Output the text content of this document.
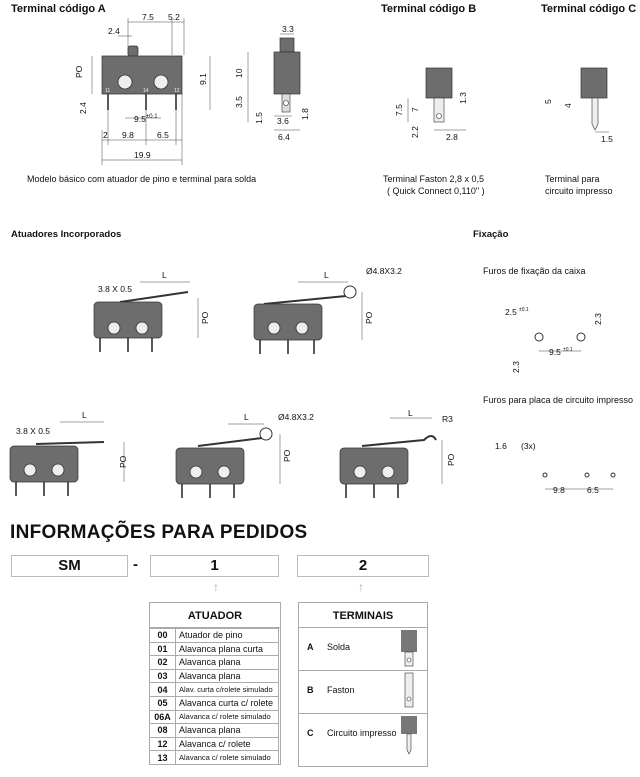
Terminal código A	Terminal código B	Terminal código C
7.5 5.2
2.4
11	14	12
PO
9.1
2.4
9.5 ±0.1
2 9.8	6.5
19.9
3.3
10
3.5
1.5 3.6
1.8
6.4
7.5 7
1.3
2.2	2.8
5
4
1.5
Modelo básico com atuador de pino e terminal para solda	Terminal Faston 2,8 x 0,5
( Quick Connect 0,110" )
Terminal para
circuito impresso
Atuadores Incorporados	Fixação
3.8 X 0.5
L
PO
Ø4.8X3.2
L
PO
3.8 X 0.5
L
PO
Ø4.8X3.2
L
PO
R3
L
PO
Furos de fixação da caixa
2.5 ±0.1
2.3
9.5 ±0.1
2.3
Furos para placa de circuito impresso
1.6 (3x)
9.8	6.5
INFORMAÇÕES PARA PEDIDOS
SM	-	1	2
↑	↑
ATUADOR
00	Atuador de pino
01	Alavanca plana curta
02	Alavanca plana
03	Alavanca plana
04	Alav. curta c/rolete simulado
05	Alavanca curta c/ rolete
06A	Alavanca c/ rolete simulado
08	Alavanca plana
12	Alavanca c/ rolete
13	Alavanca c/ rolete simulado
TERMINAIS
A Solda
B Faston
C Circuito impresso
